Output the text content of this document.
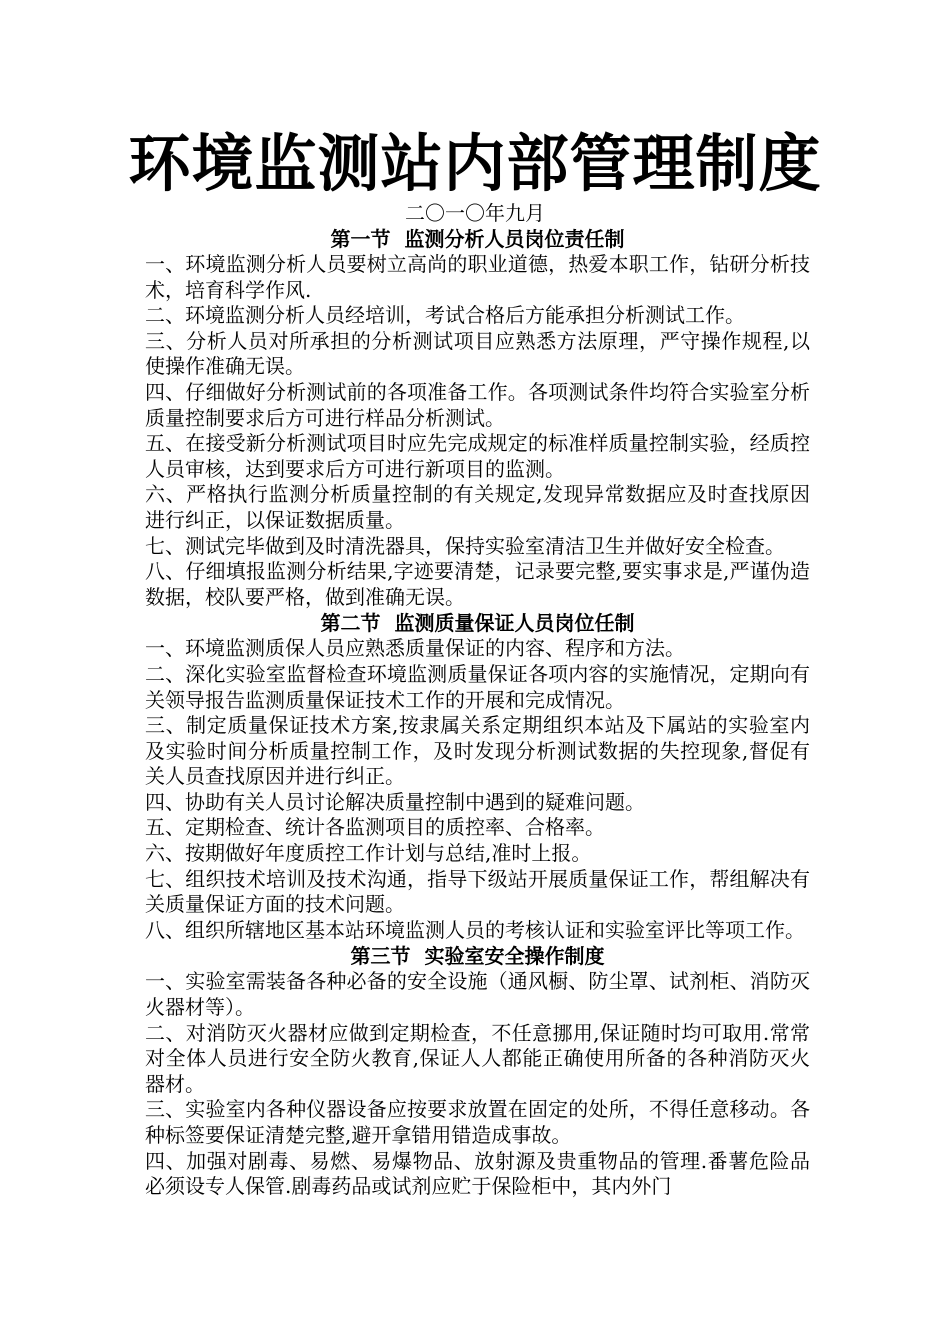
环境监测站内部管理制度
二〇一〇年九月
第一节  监测分析人员岗位责任制

一、环境监测分析人员要树立高尚的职业道德，热爱本职工作，钻研分析技术，培育科学作风.

二、环境监测分析人员经培训，考试合格后方能承担分析测试工作。

三、分析人员对所承担的分析测试项目应熟悉方法原理，严守操作规程,以使操作准确无误。

四、仔细做好分析测试前的各项准备工作。各项测试条件均符合实验室分析质量控制要求后方可进行样品分析测试。

五、在接受新分析测试项目时应先完成规定的标准样质量控制实验，经质控人员审核，达到要求后方可进行新项目的监测。

六、严格执行监测分析质量控制的有关规定,发现异常数据应及时查找原因进行纠正，以保证数据质量。

七、测试完毕做到及时清洗器具，保持实验室清洁卫生并做好安全检查。

八、仔细填报监测分析结果,字迹要清楚，记录要完整,要实事求是,严谨伪造数据，校队要严格，做到准确无误。

第二节  监测质量保证人员岗位任制

一、环境监测质保人员应熟悉质量保证的内容、程序和方法。

二、深化实验室监督检查环境监测质量保证各项内容的实施情况，定期向有关领导报告监测质量保证技术工作的开展和完成情况。

三、制定质量保证技术方案,按隶属关系定期组织本站及下属站的实验室内及实验时间分析质量控制工作，及时发现分析测试数据的失控现象,督促有关人员查找原因并进行纠正。

四、协助有关人员讨论解决质量控制中遇到的疑难问题。

五、定期检查、统计各监测项目的质控率、合格率。

六、按期做好年度质控工作计划与总结,准时上报。

七、组织技术培训及技术沟通，指导下级站开展质量保证工作，帮组解决有关质量保证方面的技术问题。

八、组织所辖地区基本站环境监测人员的考核认证和实验室评比等项工作。

第三节  实验室安全操作制度

一、实验室需装备各种必备的安全设施（通风橱、防尘罩、试剂柜、消防灭火器材等）。

二、对消防灭火器材应做到定期检查，不任意挪用,保证随时均可取用.常常对全体人员进行安全防火教育,保证人人都能正确使用所备的各种消防灭火器材。

三、实验室内各种仪器设备应按要求放置在固定的处所，不得任意移动。各种标签要保证清楚完整,避开拿错用错造成事故。

四、加强对剧毒、易燃、易爆物品、放射源及贵重物品的管理.番薯危险品必须设专人保管.剧毒药品或试剂应贮于保险柜中，其内外门
